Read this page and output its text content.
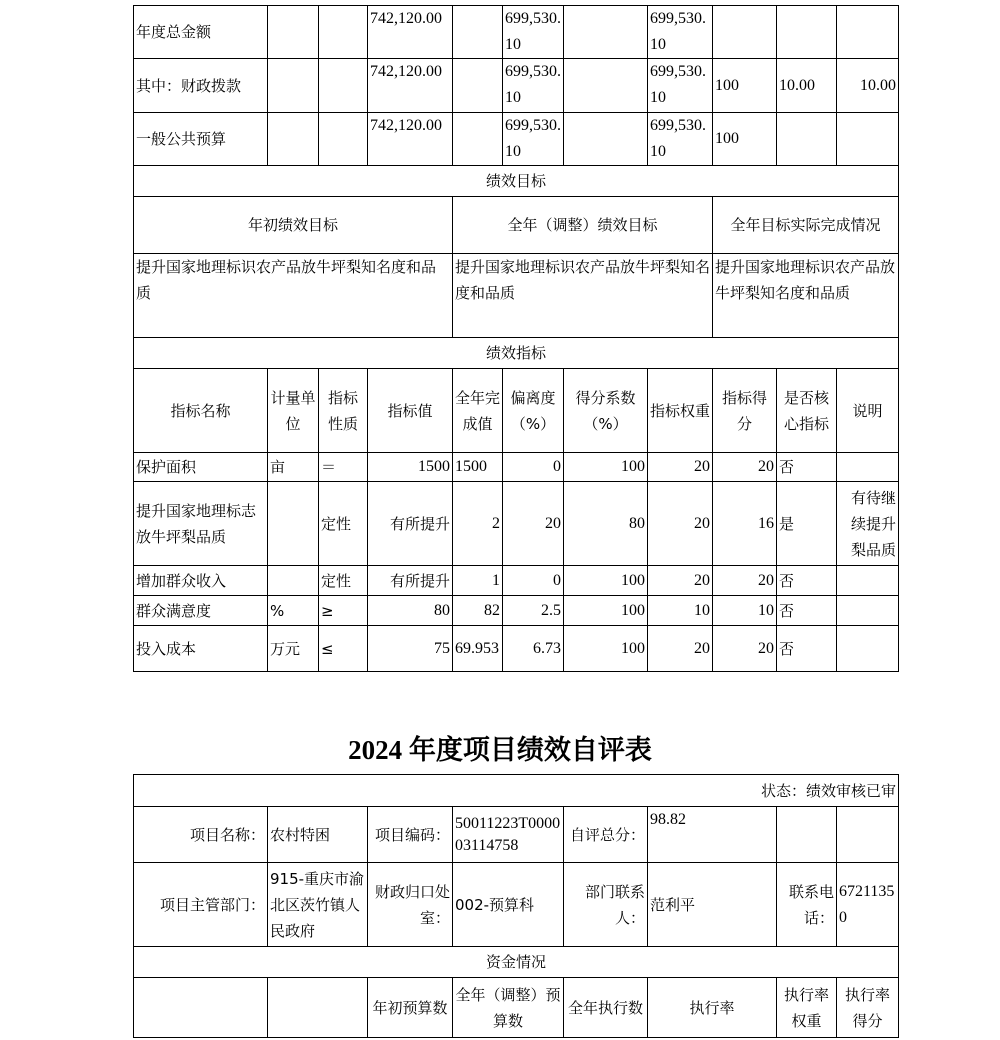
年度总金额			742,120.00		699,530.10		699,530.10			
其中：财政拨款			742,120.00		699,530.10		699,530.10	100	10.00	10.00
一般公共预算			742,120.00		699,530.10		699,530.10	100		
绩效目标										
年初绩效目标				全年（调整）绩效目标				全年目标实际完成情况		
提升国家地理标识农产品放牛坪梨知名度和品质				提升国家地理标识农产品放牛坪梨知名度和品质				提升国家地理标识农产品放牛坪梨知名度和品质		
绩效指标										
指标名称	计量单位	指标性质	指标值	全年完成值	偏离度（%）	得分系数（%）	指标权重	指标得分	是否核心指标	说明
保护面积	亩	＝	1500	1500	0	100	20	20	否	
提升国家地理标志放牛坪梨品质		定性	有所提升	2	20	80	20	16	是	有待继续提升梨品质
增加群众收入		定性	有所提升	1	0	100	20	20	否	
群众满意度	%	≥	80	82	2.5	100	10	10	否	
投入成本	万元	≤	75	69.953	6.73	100	20	20	否	
2024 年度项目绩效自评表
状态：绩效审核已审							
项目名称：	农村特困	项目编码：	50011223T000003114758	自评总分：	98.82		
项目主管部门：	915-重庆市渝北区茨竹镇人民政府	财政归口处室：	002-预算科	部门联系人：	范利平	联系电话：	67211350
资金情况							
		年初预算数	全年（调整）预算数	全年执行数	执行率	执行率权重	执行率得分
